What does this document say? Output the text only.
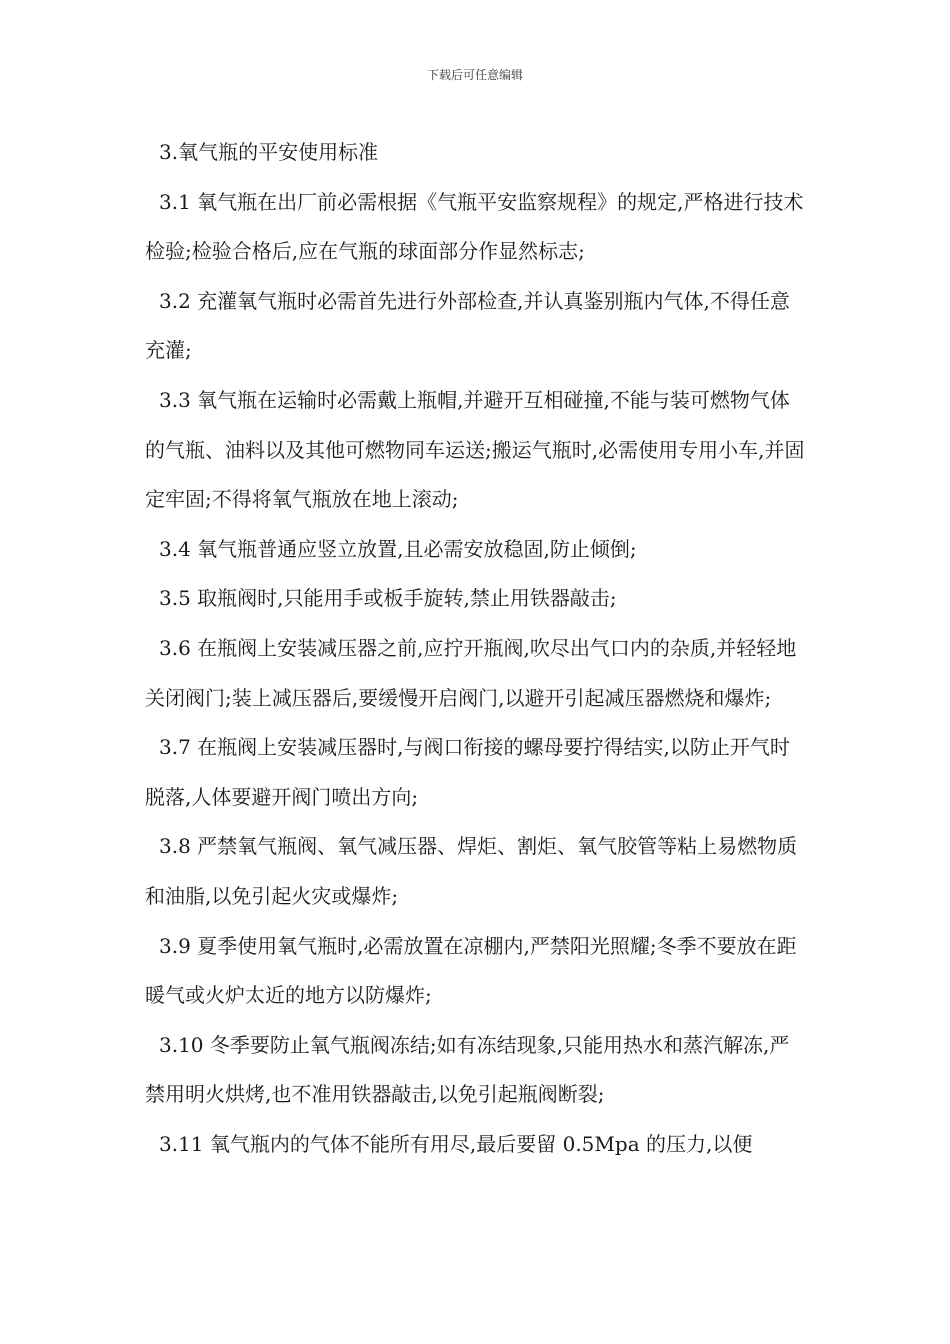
下载后可任意编辑

3.氧气瓶的平安使用标准

3.1 氧气瓶在出厂前必需根据《气瓶平安监察规程》的规定,严格进行技术检验;检验合格后,应在气瓶的球面部分作显然标志;

3.2 充灌氧气瓶时必需首先进行外部检查,并认真鉴别瓶内气体,不得任意充灌;

3.3 氧气瓶在运输时必需戴上瓶帽,并避开互相碰撞,不能与装可燃物气体的气瓶、油料以及其他可燃物同车运送;搬运气瓶时,必需使用专用小车,并固定牢固;不得将氧气瓶放在地上滚动;

3.4 氧气瓶普通应竖立放置,且必需安放稳固,防止倾倒;

3.5 取瓶阀时,只能用手或板手旋转,禁止用铁器敲击;

3.6 在瓶阀上安装减压器之前,应拧开瓶阀,吹尽出气口内的杂质,并轻轻地关闭阀门;装上减压器后,要缓慢开启阀门,以避开引起减压器燃烧和爆炸;

3.7 在瓶阀上安装减压器时,与阀口衔接的螺母要拧得结实,以防止开气时脱落,人体要避开阀门喷出方向;

3.8 严禁氧气瓶阀、氧气减压器、焊炬、割炬、氧气胶管等粘上易燃物质和油脂,以免引起火灾或爆炸;

3.9 夏季使用氧气瓶时,必需放置在凉棚内,严禁阳光照耀;冬季不要放在距暖气或火炉太近的地方以防爆炸;

3.10 冬季要防止氧气瓶阀冻结;如有冻结现象,只能用热水和蒸汽解冻,严禁用明火烘烤,也不准用铁器敲击,以免引起瓶阀断裂;

3.11 氧气瓶内的气体不能所有用尽,最后要留 0.5Mpa 的压力,以便
